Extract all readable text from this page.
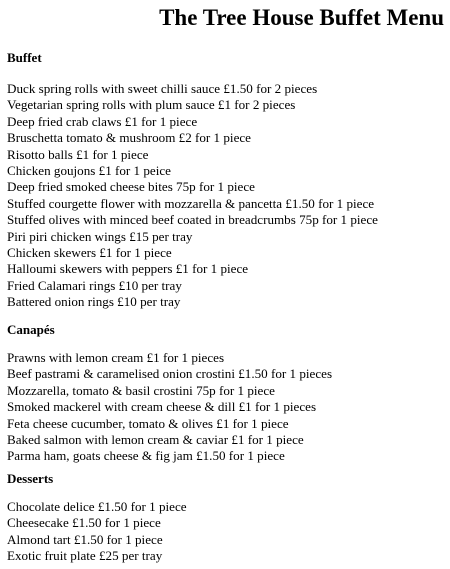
The Tree House Buffet Menu
Buffet
Duck spring rolls with sweet chilli sauce £1.50 for 2 pieces
Vegetarian spring rolls with plum sauce £1 for 2 pieces
Deep fried crab claws £1 for 1 piece
Bruschetta tomato & mushroom £2 for 1 piece
Risotto balls £1 for 1 piece
Chicken goujons £1 for 1 peice
Deep fried smoked cheese bites 75p for 1 piece
Stuffed courgette flower with mozzarella & pancetta £1.50 for 1 piece
Stuffed olives with minced beef coated in breadcrumbs 75p for 1 piece
Piri piri chicken wings £15 per tray
Chicken skewers £1 for 1 piece
Halloumi skewers with peppers £1 for 1 piece
Fried Calamari rings £10 per tray
Battered onion rings £10 per tray
Canapés
Prawns with lemon cream £1 for 1 pieces
Beef pastrami & caramelised onion crostini £1.50 for 1 pieces
Mozzarella, tomato & basil crostini 75p for 1 piece
Smoked mackerel with cream cheese & dill £1 for 1 pieces
Feta cheese cucumber, tomato & olives £1 for 1 piece
Baked salmon with lemon cream & caviar £1 for 1 piece
Parma ham, goats cheese & fig jam £1.50 for 1 piece
Desserts
Chocolate delice £1.50 for 1 piece
Cheesecake £1.50 for 1 piece
Almond tart £1.50 for 1 piece
Exotic fruit plate £25 per tray
